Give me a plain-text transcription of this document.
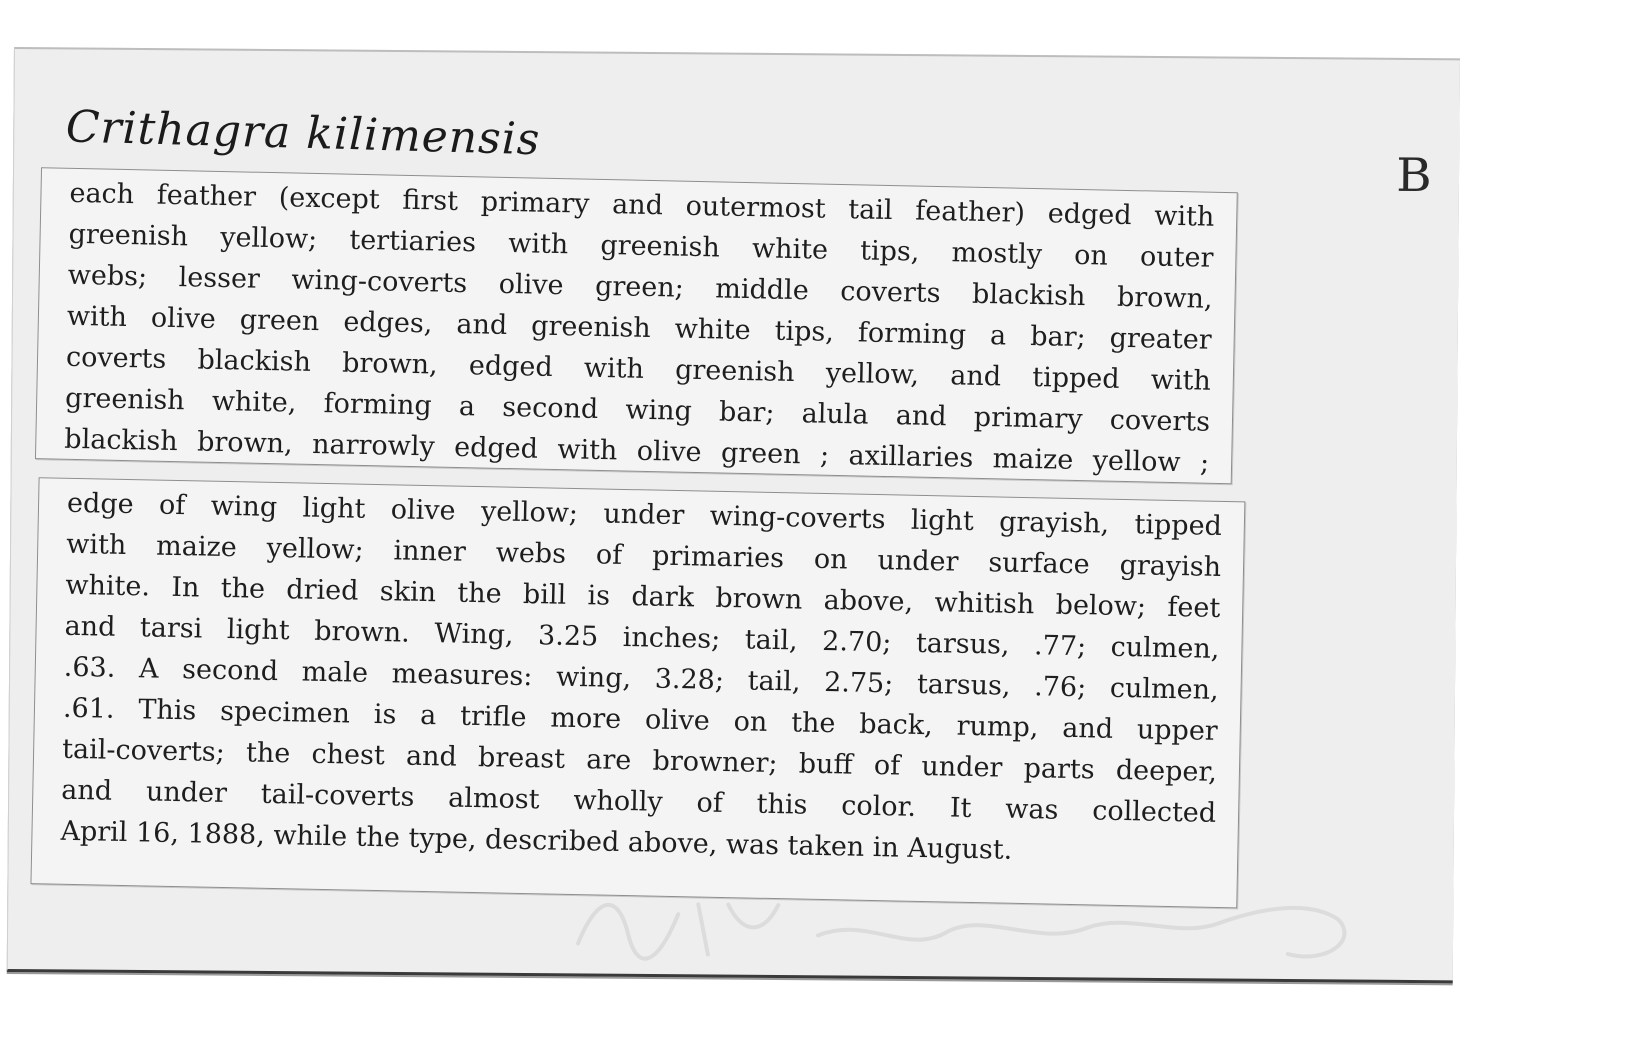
Crithagra kilimensis
B
each feather (except first primary and outermost tail feather) edged with
greenish yellow; tertiaries with greenish white tips, mostly on outer
webs; lesser wing-coverts olive green; middle coverts blackish brown,
with olive green edges, and greenish white tips, forming a bar; greater
coverts blackish brown, edged with greenish yellow, and tipped with
greenish white, forming a second wing bar; alula and primary coverts
blackish brown, narrowly edged with olive green ; axillaries maize yellow ;
edge of wing light olive yellow; under wing-coverts light grayish, tipped
with maize yellow; inner webs of primaries on under surface grayish
white. In the dried skin the bill is dark brown above, whitish below; feet
and tarsi light brown. Wing, 3.25 inches; tail, 2.70; tarsus, .77; culmen,
.63. A second male measures: wing, 3.28; tail, 2.75; tarsus, .76; culmen,
.61. This specimen is a trifle more olive on the back, rump, and upper
tail-coverts; the chest and breast are browner; buff of under parts deeper,
and under tail-coverts almost wholly of this color. It was collected
April 16, 1888, while the type, described above, was taken in August.
